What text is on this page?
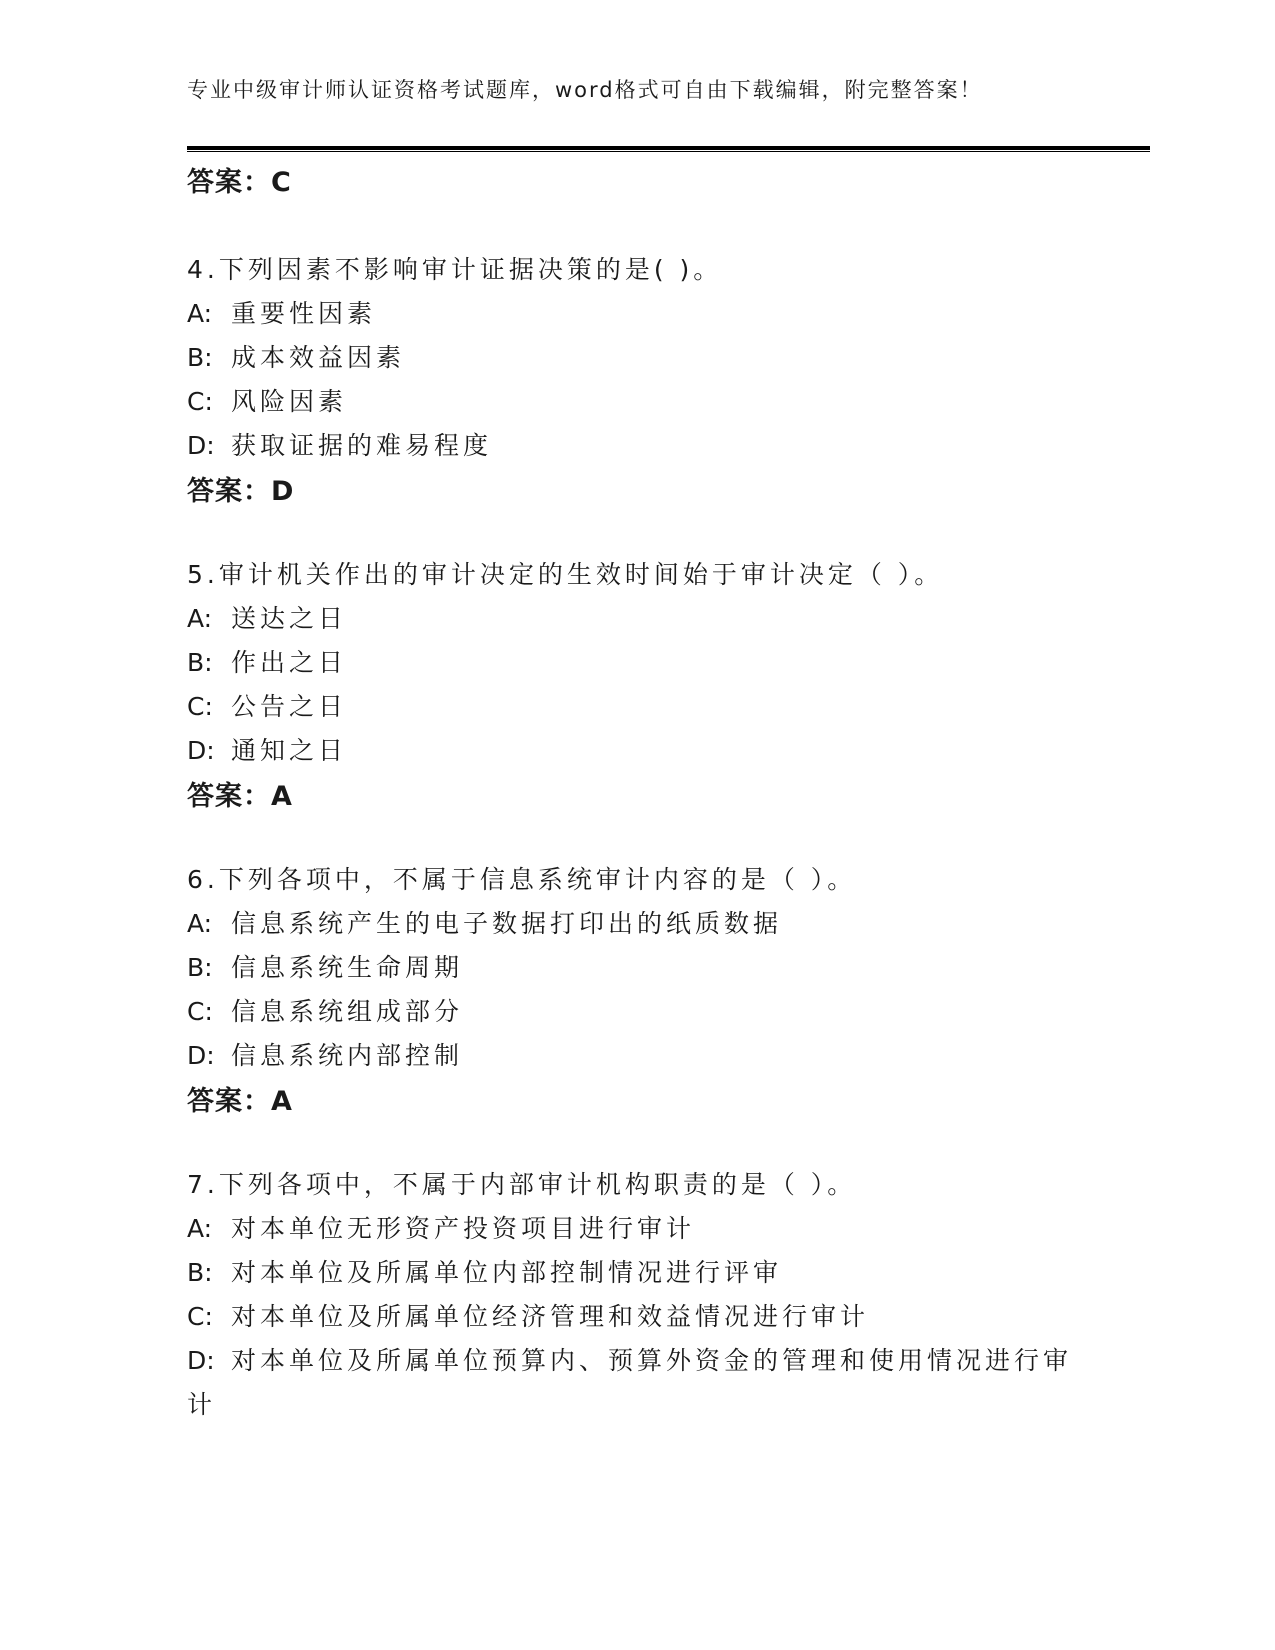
专业中级审计师认证资格考试题库，word格式可自由下载编辑，附完整答案！
答案：C
4.下列因素不影响审计证据决策的是( )。
A: 重要性因素
B: 成本效益因素
C: 风险因素
D: 获取证据的难易程度
答案：D
5.审计机关作出的审计决定的生效时间始于审计决定（ ）。
A: 送达之日
B: 作出之日
C: 公告之日
D: 通知之日
答案：A
6.下列各项中，不属于信息系统审计内容的是（ ）。
A: 信息系统产生的电子数据打印出的纸质数据
B: 信息系统生命周期
C: 信息系统组成部分
D: 信息系统内部控制
答案：A
7.下列各项中，不属于内部审计机构职责的是（ ）。
A: 对本单位无形资产投资项目进行审计
B: 对本单位及所属单位内部控制情况进行评审
C: 对本单位及所属单位经济管理和效益情况进行审计
D: 对本单位及所属单位预算内、预算外资金的管理和使用情况进行审
计
